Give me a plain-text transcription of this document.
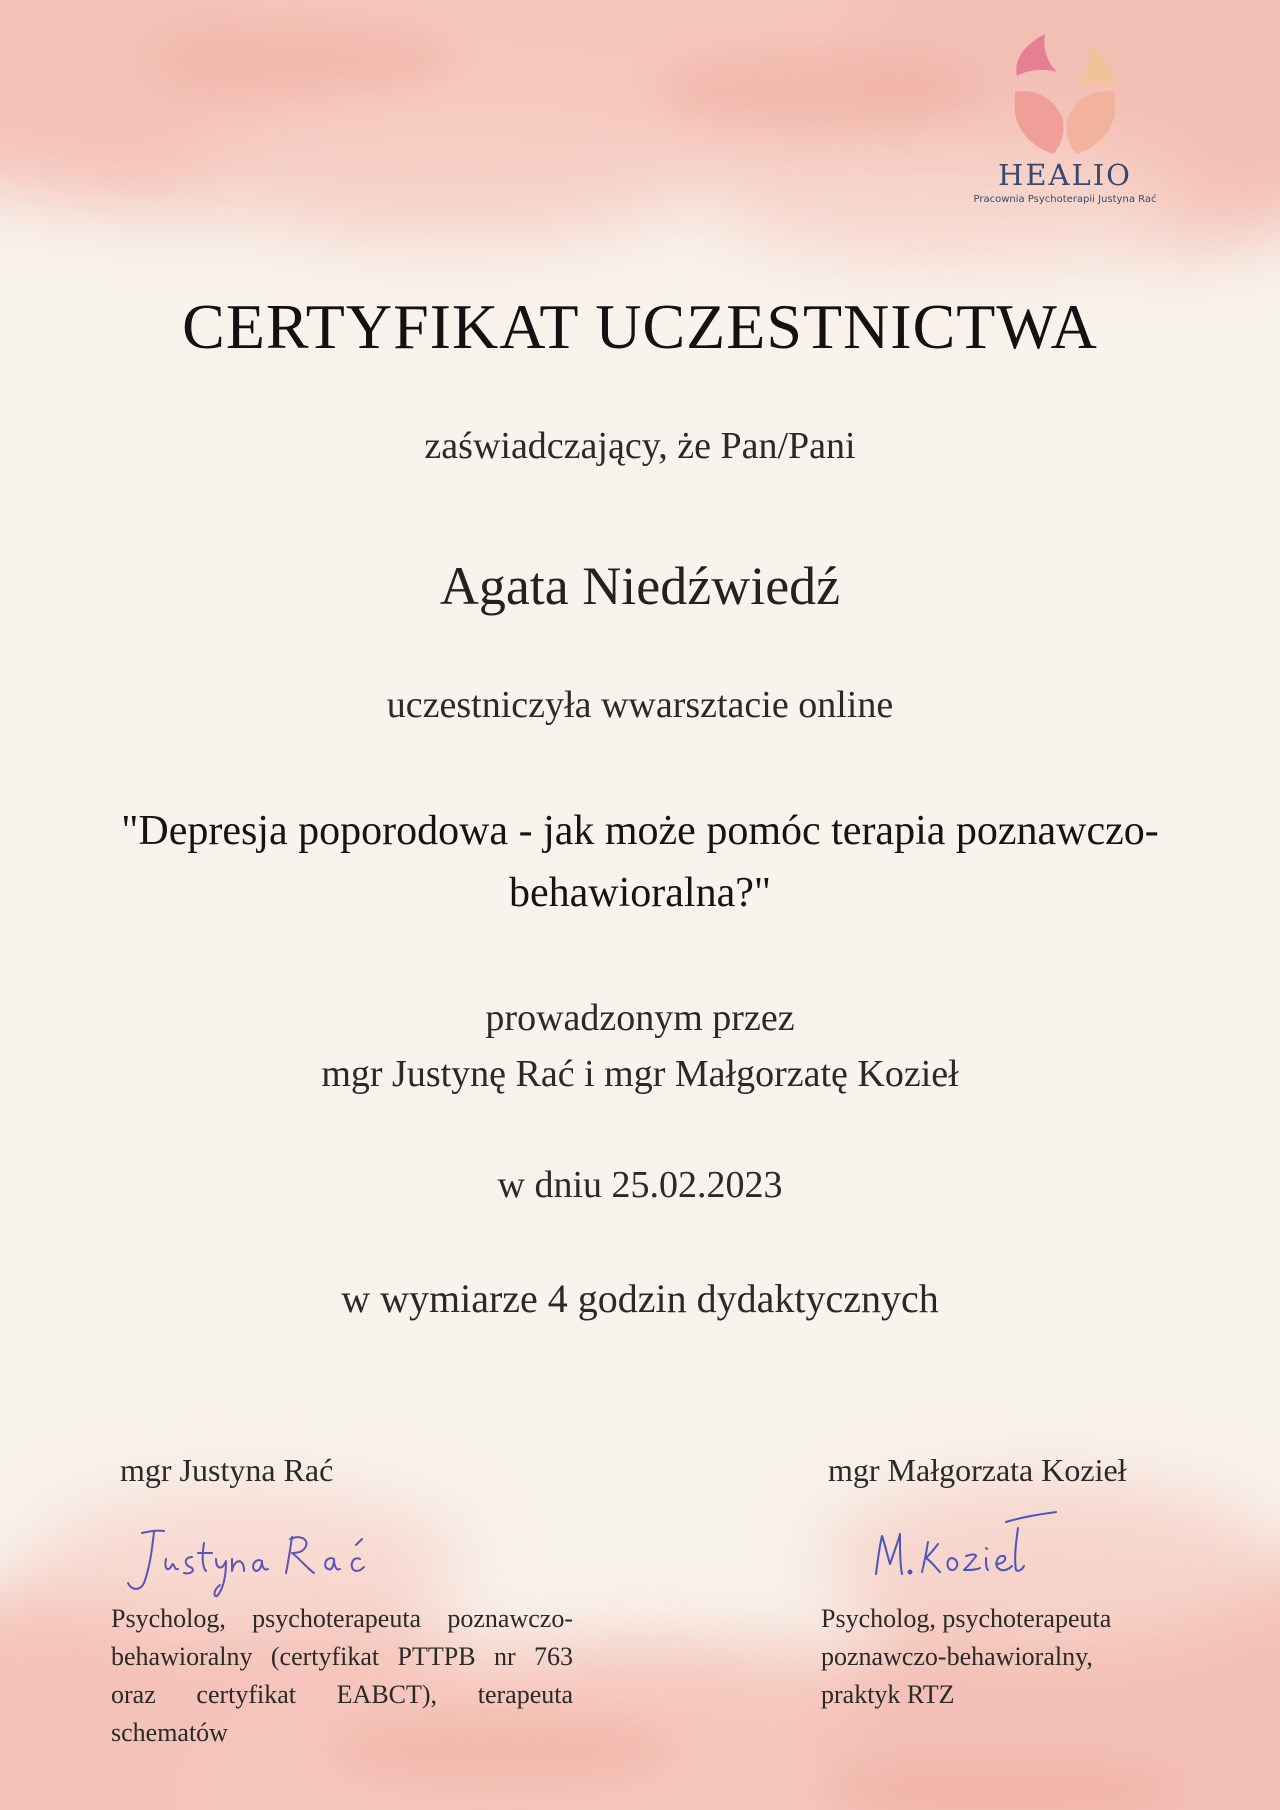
HEALIO
Pracownia Psychoterapii Justyna Rać
CERTYFIKAT UCZESTNICTWA
zaświadczający, że Pan/Pani
Agata Niedźwiedź
uczestniczyła wwarsztacie online
"Depresja poporodowa - jak może pomóc terapia poznawczo-
behawioralna?"
prowadzonym przez
mgr Justynę Rać i mgr Małgorzatę Kozieł
w dniu 25.02.2023
w wymiarze 4 godzin dydaktycznych
mgr Justyna Rać
Psycholog, psychoterapeuta poznawczo-behawioralny (certyfikat PTTPB nr 763 oraz certyfikat EABCT), terapeuta schematów
mgr Małgorzata Kozieł
Psycholog, psychoterapeuta
poznawczo-behawioralny,
praktyk RTZ
